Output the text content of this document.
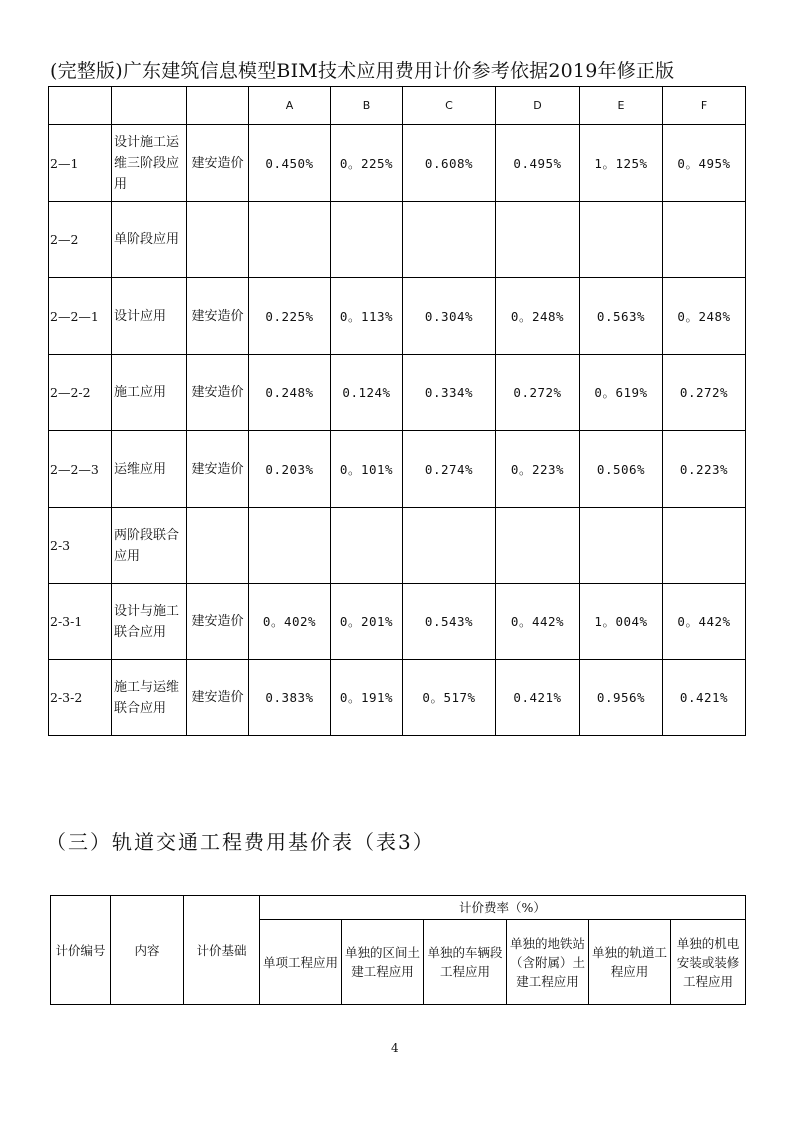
(完整版)广东建筑信息模型BIM技术应用费用计价参考依据2019年修正版
			A	B	C	D	E	F
2—1	设计施工运维三阶段应用	建安造价	0.450%	0。225%	0.608%	0.495%	1。125%	0。495%
2—2	单阶段应用							
2—2—1	设计应用	建安造价	0.225%	0。113%	0.304%	0。248%	0.563%	0。248%
2—2-2	施工应用	建安造价	0.248%	0.124%	0.334%	0.272%	0。619%	0.272%
2—2—3	运维应用	建安造价	0.203%	0。101%	0.274%	0。223%	0.506%	0.223%
2-3	两阶段联合应用							
2-3-1	设计与施工联合应用	建安造价	0。402%	0。201%	0.543%	0。442%	1。004%	0。442%
2-3-2	施工与运维联合应用	建安造价	0.383%	0。191%	0。517%	0.421%	0.956%	0.421%
（三）轨道交通工程费用基价表（表3）
计价编号	内容	计价基础	计价费率（%）					
			单项工程应用	单独的区间土建工程应用	单独的车辆段工程应用	单独的地铁站（含附属）土建工程应用	单独的轨道工程应用	单独的机电安装或装修工程应用
4
